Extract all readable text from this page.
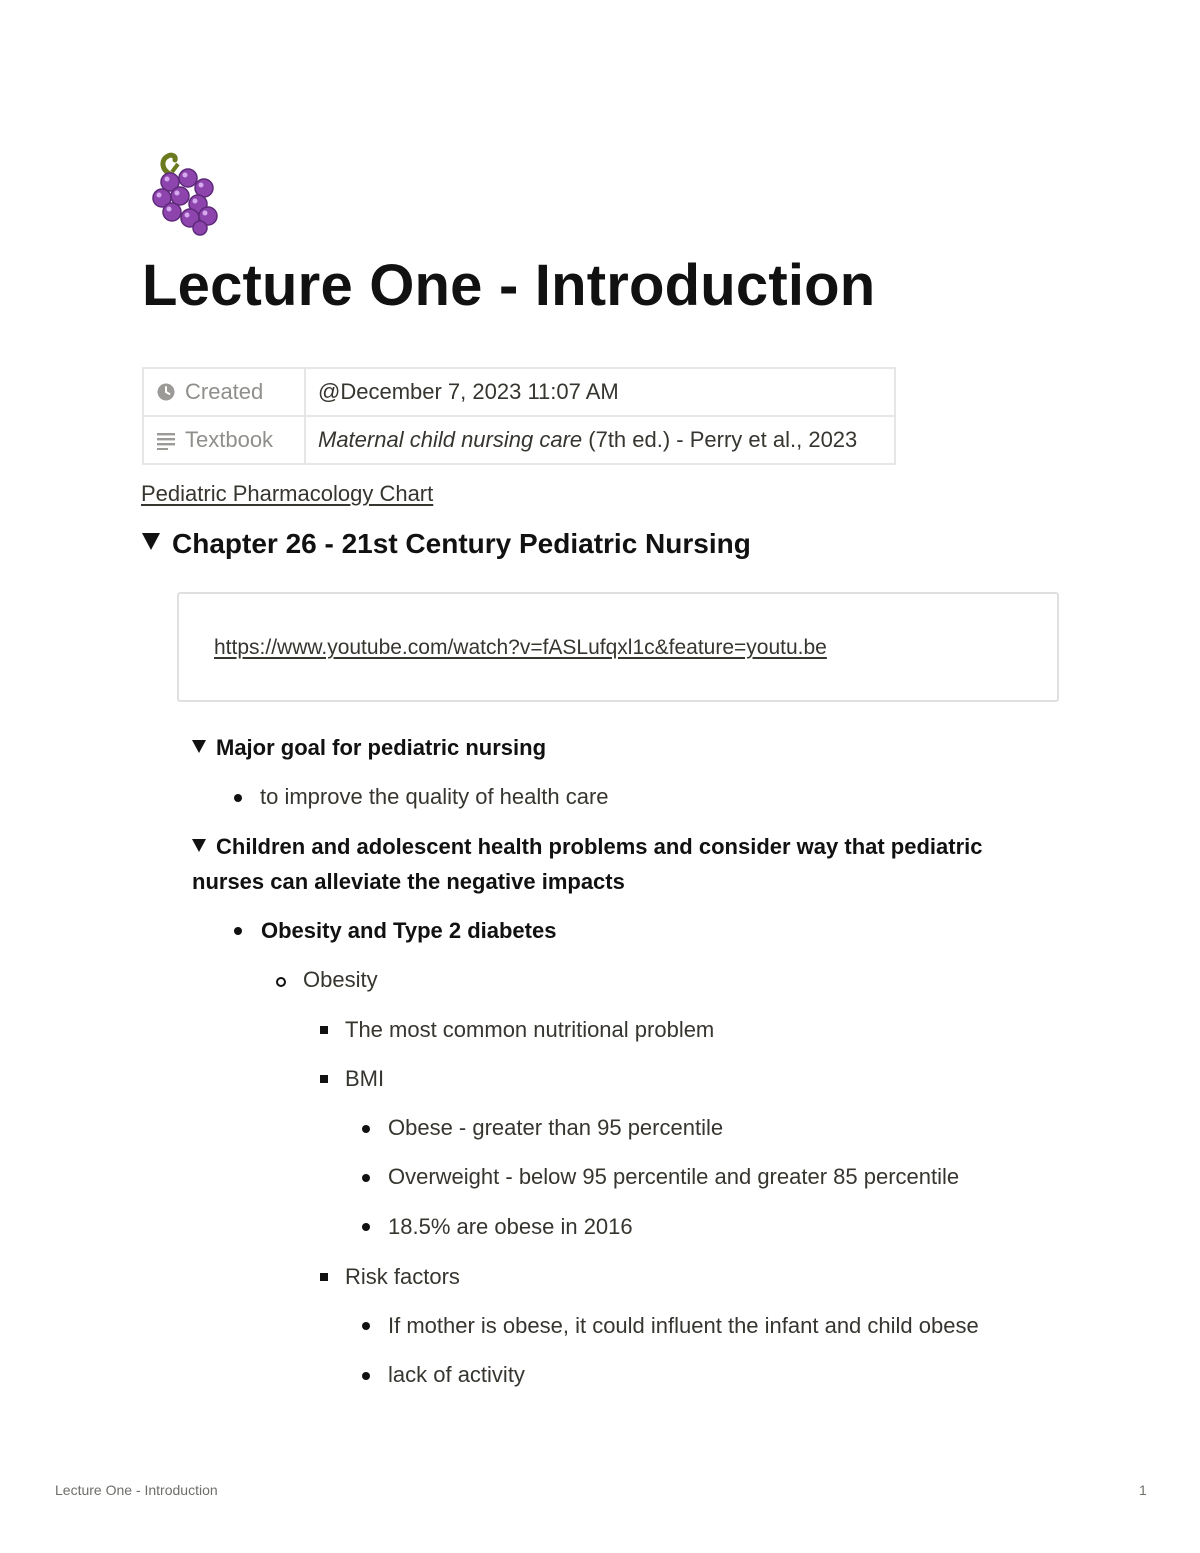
Lecture One - Introduction
Created	@December 7, 2023 11:07 AM
Textbook	Maternal child nursing care (7th ed.) - Perry et al., 2023
Pediatric Pharmacology Chart
Chapter 26 - 21st Century Pediatric Nursing
https://www.youtube.com/watch?v=fASLufqxl1c&feature=youtu.be
Major goal for pediatric nursing
to improve the quality of health care
Children and adolescent health problems and consider way that pediatric nurses can alleviate the negative impacts
Obesity and Type 2 diabetes
Obesity
The most common nutritional problem
BMI
Obese - greater than 95 percentile
Overweight - below 95 percentile and greater 85 percentile
18.5% are obese in 2016
Risk factors
If mother is obese, it could influent the infant and child obese
lack of activity
Lecture One - Introduction	1
